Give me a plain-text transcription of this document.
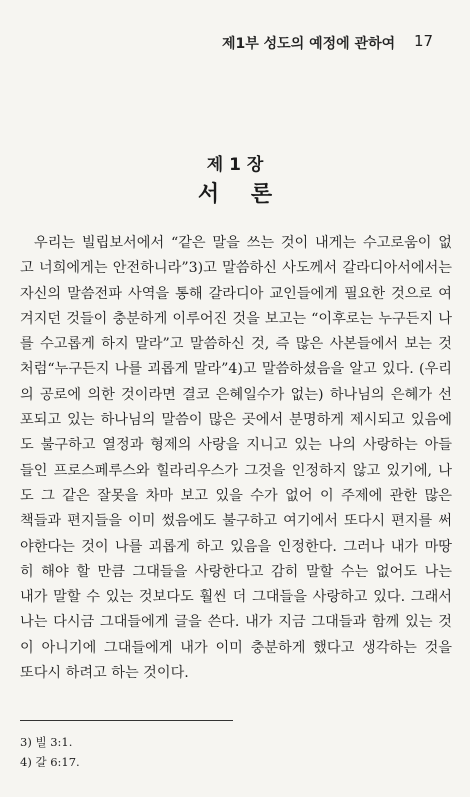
제1부 성도의 예정에 관하여 17
제 1 장
서 론
우리는 빌립보서에서 “같은 말을 쓰는 것이 내게는 수고로움이 없
고 너희에게는 안전하니라”3)고 말씀하신 사도께서 갈라디아서에서는
자신의 말씀전파 사역을 통해 갈라디아 교인들에게 필요한 것으로 여
겨지던 것들이 충분하게 이루어진 것을 보고는 “이후로는 누구든지 나
를 수고롭게 하지 말라”고 말씀하신 것, 즉 많은 사본들에서 보는 것
처럼“누구든지 나를 괴롭게 말라”4)고 말씀하셨음을 알고 있다. (우리
의 공로에 의한 것이라면 결코 은혜일수가 없는) 하나님의 은혜가 선
포되고 있는 하나님의 말씀이 많은 곳에서 분명하게 제시되고 있음에
도 불구하고 열정과 형제의 사랑을 지니고 있는 나의 사랑하는 아들
들인 프로스페루스와 힐라리우스가 그것을 인정하지 않고 있기에, 나
도 그 같은 잘못을 차마 보고 있을 수가 없어 이 주제에 관한 많은
책들과 편지들을 이미 썼음에도 불구하고 여기에서 또다시 편지를 써
야한다는 것이 나를 괴롭게 하고 있음을 인정한다. 그러나 내가 마땅
히 해야 할 만큼 그대들을 사랑한다고 감히 말할 수는 없어도 나는
내가 말할 수 있는 것보다도 훨씬 더 그대들을 사랑하고 있다. 그래서
나는 다시금 그대들에게 글을 쓴다. 내가 지금 그대들과 함께 있는 것
이 아니기에 그대들에게 내가 이미 충분하게 했다고 생각하는 것을
또다시 하려고 하는 것이다.
3) 빌 3:1.
4) 갈 6:17.
